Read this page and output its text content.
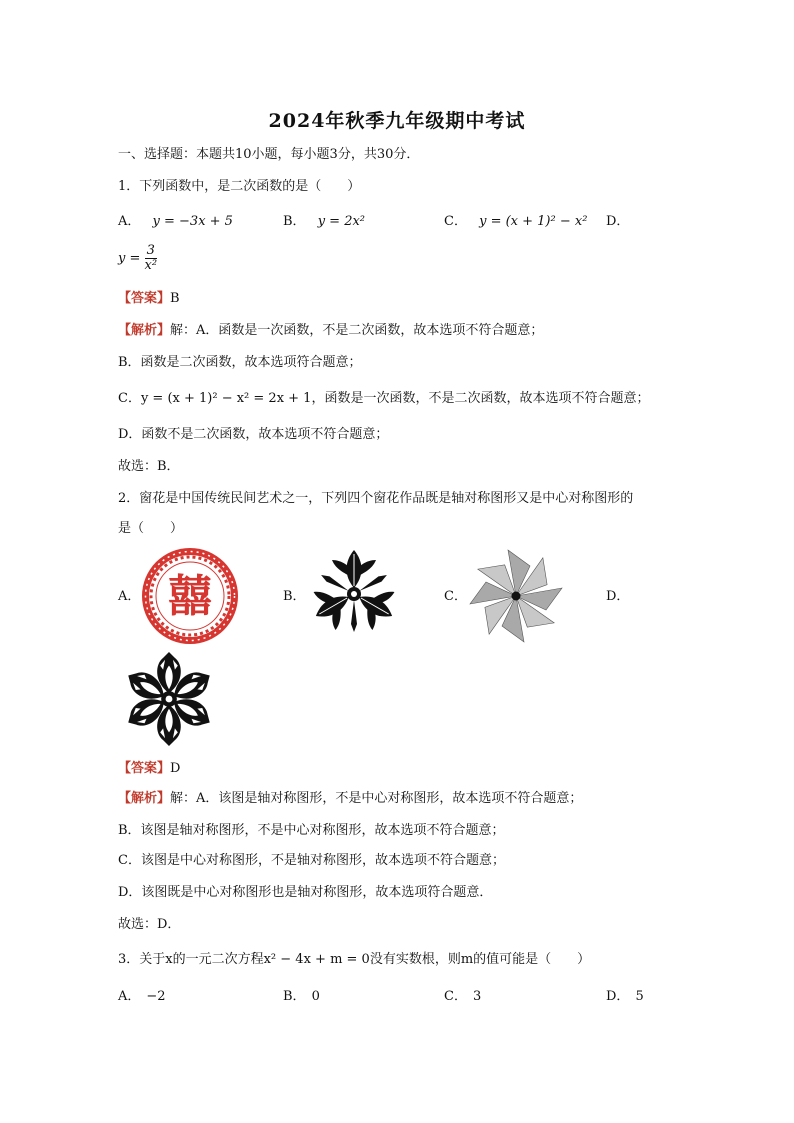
2024年秋季九年级期中考试
一、选择题：本题共10小题，每小题3分，共30分．
1．下列函数中，是二次函数的是（　　）
A． y = −3x + 5	B． y = 2x²	C． y = (x + 1)² − x² D．
$y = \frac{3}{\text{x²}}$
【答案】B
【解析】解：A．函数是一次函数，不是二次函数，故本选项不符合题意；
B．函数是二次函数，故本选项符合题意；
C．y = (x + 1)² − x² = 2x + 1，函数是一次函数，不是二次函数，故本选项不符合题意；
D．函数不是二次函数，故本选项不符合题意；
故选：B．
2．窗花是中国传统民间艺术之一，下列四个窗花作品既是轴对称图形又是中心对称图形的
是（　　）
A．	B．	C．	D．
囍
【答案】D
【解析】解：A．该图是轴对称图形，不是中心对称图形，故本选项不符合题意；
B．该图是轴对称图形，不是中心对称图形，故本选项不符合题意；
C．该图是中心对称图形，不是轴对称图形，故本选项不符合题意；
D．该图既是中心对称图形也是轴对称图形，故本选项符合题意．
故选：D．
3．关于x的一元二次方程x² − 4x + m = 0没有实数根，则m的值可能是（　　）
A． −2	B． 0	C． 3	D． 5
